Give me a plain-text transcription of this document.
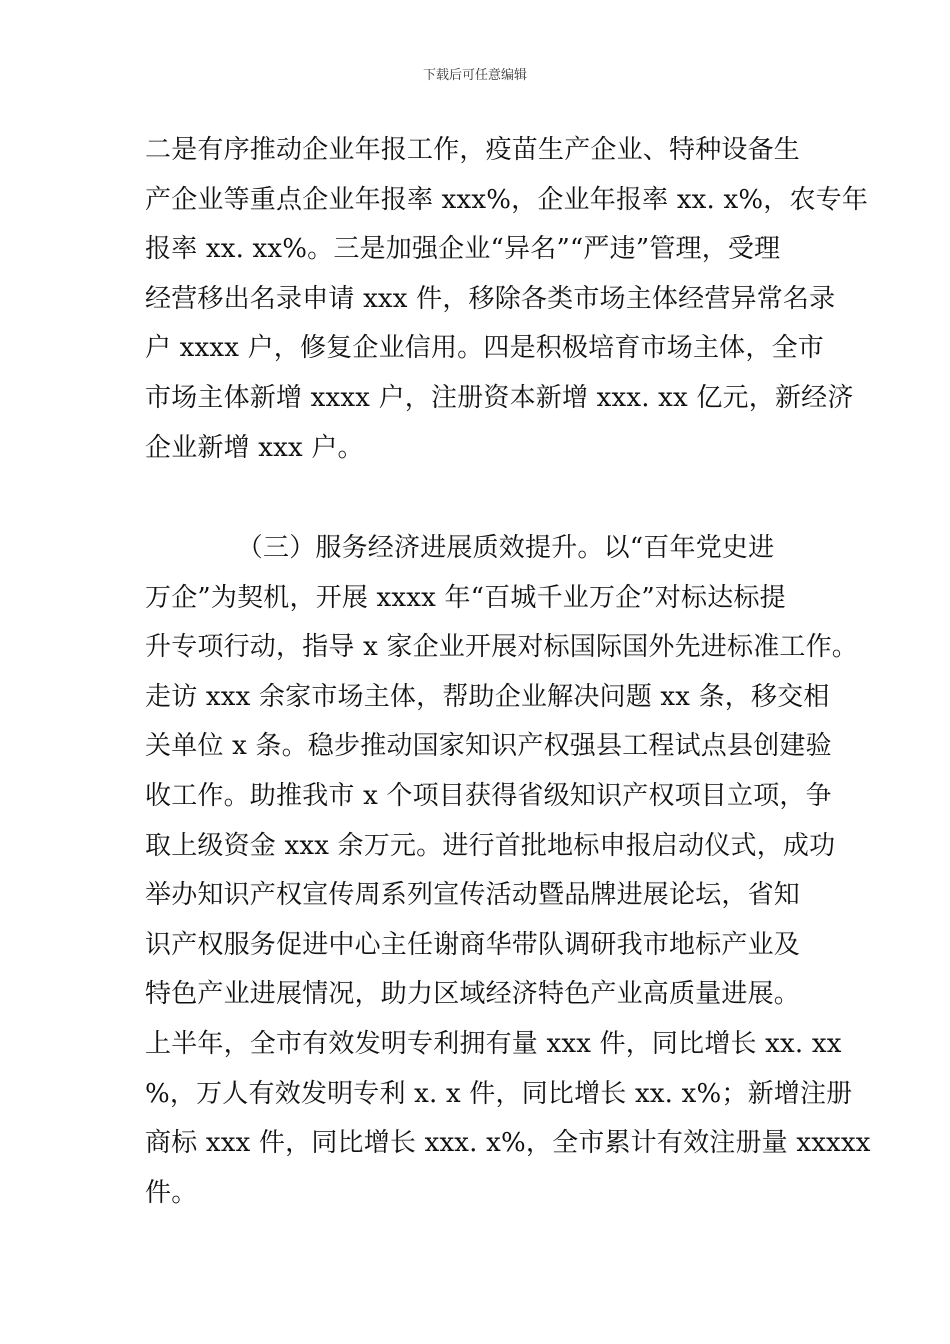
下载后可任意编辑
二是有序推动企业年报工作，疫苗生产企业、特种设备生
产企业等重点企业年报率 xxx%，企业年报率 xx. x%，农专年
报率 xx. xx%。三是加强企业“异名”“严违”管理，受理
经营移出名录申请 xxx 件，移除各类市场主体经营异常名录
户 xxxx 户，修复企业信用。四是积极培育市场主体，全市
市场主体新增 xxxx 户，注册资本新增 xxx. xx 亿元，新经济
企业新增 xxx 户。
　　　　（三）服务经济进展质效提升。以“百年党史进
万企”为契机，开展 xxxx 年“百城千业万企”对标达标提
升专项行动，指导 x 家企业开展对标国际国外先进标准工作。
走访 xxx 余家市场主体，帮助企业解决问题 xx 条，移交相
关单位 x 条。稳步推动国家知识产权强县工程试点县创建验
收工作。助推我市 x 个项目获得省级知识产权项目立项，争
取上级资金 xxx 余万元。进行首批地标申报启动仪式，成功
举办知识产权宣传周系列宣传活动暨品牌进展论坛，省知
识产权服务促进中心主任谢商华带队调研我市地标产业及
特色产业进展情况，助力区域经济特色产业高质量进展。
上半年，全市有效发明专利拥有量 xxx 件，同比增长 xx. xx
%，万人有效发明专利 x. x 件，同比增长 xx. x%；新增注册
商标 xxx 件，同比增长 xxx. x%，全市累计有效注册量 xxxxx
件。
